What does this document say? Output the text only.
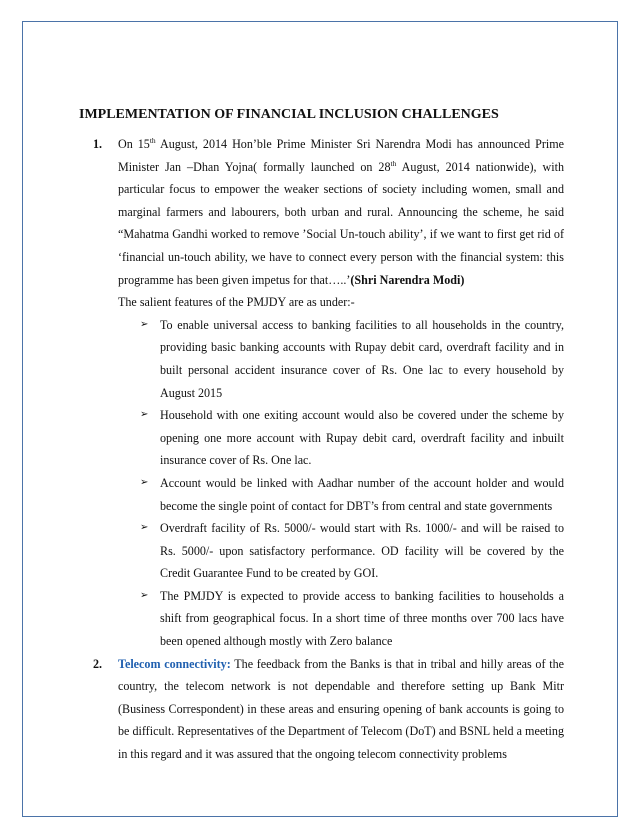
IMPLEMENTATION OF FINANCIAL INCLUSION CHALLENGES
1. On 15th August, 2014 Hon’ble Prime Minister Sri Narendra Modi has announced Prime Minister Jan –Dhan Yojna( formally launched on 28th August, 2014 nationwide), with particular focus to empower the weaker sections of society including women, small and marginal farmers and labourers, both urban and rural. Announcing the scheme, he said “Mahatma Gandhi worked to remove ’Social Un-touch ability’, if we want to first get rid of ‘financial un-touch ability, we have to connect every person with the financial system: this programme has been given impetus for that…..’(Shri Narendra Modi)

The salient features of the PMJDY are as under:-

➢ To enable universal access to banking facilities to all households in the country, providing basic banking accounts with Rupay debit card, overdraft facility and in built personal accident insurance cover of Rs. One lac to every household by August 2015
➢ Household with one exiting account would also be covered under the scheme by opening one more account with Rupay debit card, overdraft facility and inbuilt insurance cover of Rs. One lac.
➢ Account would be linked with Aadhar number of the account holder and would become the single point of contact for DBT’s from central and state governments
➢ Overdraft facility of Rs. 5000/- would start with Rs. 1000/- and will be raised to Rs. 5000/- upon satisfactory performance. OD facility will be covered by the Credit Guarantee Fund to be created by GOI.
➢ The PMJDY is expected to provide access to banking facilities to households a shift from geographical focus. In a short time of three months over 700 lacs have been opened although mostly with Zero balance
2. Telecom connectivity: The feedback from the Banks is that in tribal and hilly areas of the country, the telecom network is not dependable and therefore setting up Bank Mitr (Business Correspondent) in these areas and ensuring opening of bank accounts is going to be difficult. Representatives of the Department of Telecom (DoT) and BSNL held a meeting in this regard and it was assured that the ongoing telecom connectivity problems
